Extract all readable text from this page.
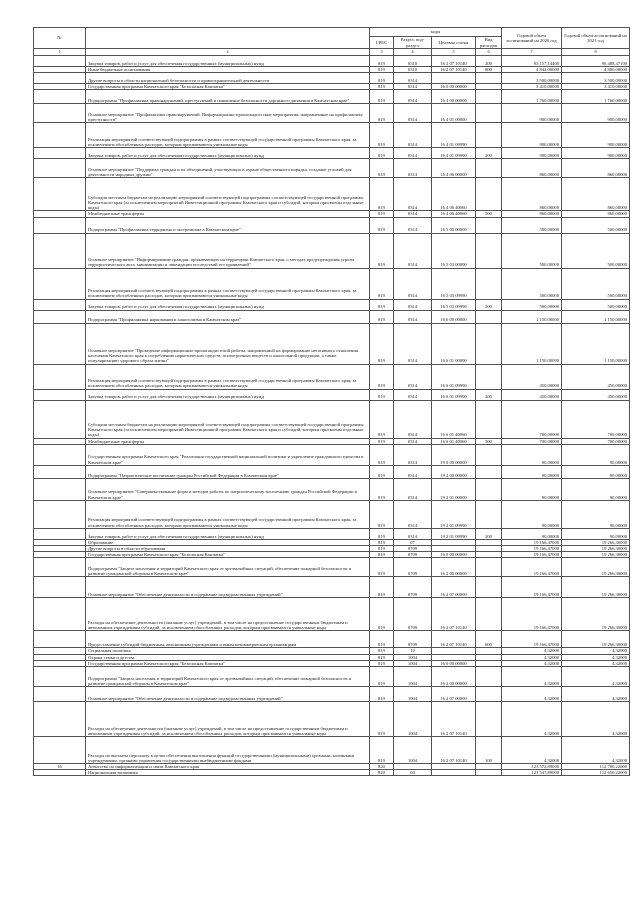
№		коды				Годовой объем ассигнований на 2020 год	Годовой объем ассигнований на 2021 год
		ГРБС	Раздел, под-раздел	Целевая статья	Вид расходов		
1	2	3	4	5	6	7	8
	Закупка товаров, работ и услуг для обеспечения государственных (муниципальных) нужд	819	0310	16 2 07 10140	200	93 157,14400	96 488,37100
	Иные бюджетные ассигнования	819	0310	16 2 07 10140	800	4 842,00000	4 800,00000
	Другие вопросы в области национальной безопасности и правоохранительной деятельности	819	0314			3 500,00000	3 500,00000
	Государственная программа Камчатского края "Безопасная Камчатка"	819	0314	16 0 00 00000		3 410,00000	3 410,00000
	Подпрограмма "Профилактика правонарушений, преступлений и повышение безопасности дорожного движения в Камчатском крае"	819	0314	16 4 00 00000		1 760,00000	1 760,00000
	Основное мероприятие "Профилактика правонарушений. Информационно-пропагандистские мероприятия, направленные на профилактику преступности"	819	0314	16 4 01 00000		900,00000	900,00000
	Реализация мероприятий соответствующей подпрограммы в рамках соответствующей государственной программы Камчатского края, за исключением обособленных расходов, которым присваиваются уникальные коды	819	0314	16 4 01 09990		900,00000	900,00000
	Закупка товаров, работ и услуг для обеспечения государственных (муниципальных) нужд	819	0314	16 4 01 09990	200	900,00000	900,00000
	Основное мероприятие "Поддержка граждан и их объединений, участвующих в охране общественного порядка, создание условий для деятельности народных дружин"	819	0314	16 4 06 00000		860,00000	860,00000
	Субсидии местным бюджетам на реализацию мероприятий соответствующей подпрограммы соответствующей государственной программы Камчатского края (за исключением мероприятий Инвестиционной программы Камчатского края и субсидий, которым присвоены отдельные коды)	819	0314	16 4 06 40060		860,00000	860,00000
	Межбюджетные трансферты	819	0314	16 4 06 40060	500	860,00000	860,00000
	Подпрограмма "Профилактика терроризма и экстремизма в Камчатском крае"	819	0314	16 5 00 00000		500,00000	500,00000
	Основное мероприятие "Информирование граждан, проживающих на территории Камчатского края, о методах предупреждения угрозы террористического акта, минимизации и ликвидации последствий его проявлений"	819	0314	16 5 03 00000		500,00000	500,00000
	Реализация мероприятий соответствующей подпрограммы в рамках соответствующей государственной программы Камчатского края, за исключением обособленных расходов, которым присваиваются уникальные коды	819	0314	16 5 03 09990		500,00000	500,00000
	Закупка товаров, работ и услуг для обеспечения государственных (муниципальных) нужд	819	0314	16 5 03 09990	200	500,00000	500,00000
	Подпрограмма "Профилактика наркомании и алкоголизма в Камчатском крае"	819	0314	16 6 00 00000		1 150,00000	1 150,00000
	Основное мероприятие "Проведение информационно-пропагандистской работы, направленной на формирование негативного отношения населения Камчатского края к потреблению наркотических средств, психотропных веществ и алкогольной продукции, а также популяризацию здорового образа жизни"	819	0314	16 6 01 00000		1 150,00000	1 150,00000
	Реализация мероприятий соответствующей подпрограммы в рамках соответствующей государственной программы Камчатского края, за исключением обособленных расходов, которым присваиваются уникальные коды	819	0314	16 6 01 09990		450,00000	450,00000
	Закупка товаров, работ и услуг для обеспечения государственных (муниципальных) нужд	819	0314	16 6 01 09990	200	450,00000	450,00000
	Субсидии местным бюджетам на реализацию мероприятий соответствующей подпрограммы соответствующей государственной программы Камчатского края (за исключением мероприятий Инвестиционной программы Камчатского края и субсидий, которым присвоены отдельные коды)	819	0314	16 6 01 40060		700,00000	700,00000
	Межбюджетные трансферты	819	0314	16 6 01 40060	500	700,00000	700,00000
	Государственная программа Камчатского края "Реализация государственной национальной политики и укрепление гражданского единства в Камчатском крае"	819	0314	19 0 00 00000		90,00000	90,00000
	Подпрограмма "Патриотическое воспитание граждан Российской Федерации в Камчатском крае"	819	0314	19 2 00 00000		90,00000	90,00000
	Основное мероприятие "Совершенствование форм и методов работы по патриотическому воспитанию граждан Российской Федерации в Камчатском крае"	819	0314	19 2 01 00000		90,00000	90,00000
	Реализация мероприятий соответствующей подпрограммы в рамках соответствующей государственной программы Камчатского края, за исключением обособленных расходов, которым присваиваются уникальные коды	819	0314	19 2 01 09990		90,00000	90,00000
	Закупка товаров, работ и услуг для обеспечения государственных (муниципальных) нужд	819	0314	19 2 01 09990	200	90,00000	90,00000
	Образование	819	07			19 166,47000	19 266,30000
	Другие вопросы в области образования	819	0709			19 166,47000	19 266,30000
	Государственная программа Камчатского края "Безопасная Камчатка"	819	0709	16 0 00 00000		19 166,47000	19 266,30000
	Подпрограмма "Защита населения и территорий Камчатского края от чрезвычайных ситуаций, обеспечение пожарной безопасности и развитие гражданской обороны в Камчатском крае"	819	0709	16 2 00 00000		19 166,47000	19 266,30000
	Основное мероприятие "Обеспечение деятельности и содержание подведомственных учреждений"	819	0709	16 2 07 00000		19 166,47000	19 266,30000
	Расходы на обеспечение деятельности (оказание услуг) учреждений, в том числе на предоставление государственным бюджетным и автономным учреждениям субсидий, за исключением обособленных расходов, которым присваиваются уникальные коды	819	0709	16 2 07 10140		19 166,47000	19 266,30000
	Предоставление субсидий бюджетным, автономным учреждениям и иным некоммерческим организациям	819	0709	16 2 07 10140	600	19 166,47000	19 266,30000
	Социальная политика	819	10			4,32000	4,32000
	Охрана семьи и детства	819	1004			4,32000	4,32000
	Государственная программа Камчатского края "Безопасная Камчатка"	819	1004	16 0 00 00000		4,32000	4,32000
	Подпрограмма "Защита населения и территорий Камчатского края от чрезвычайных ситуаций, обеспечение пожарной безопасности и развитие гражданской обороны в Камчатском крае"	819	1004	16 2 00 00000		4,32000	4,32000
	Основное мероприятие "Обеспечение деятельности и содержание подведомственных учреждений"	819	1004	16 2 07 00000		4,32000	4,32000
	Расходы на обеспечение деятельности (оказание услуг) учреждений, в том числе на предоставление государственным бюджетным и автономным учреждениям субсидий, за исключением обособленных расходов, которым присваиваются уникальные коды	819	1004	16 2 07 10140		4,32000	4,32000
	Расходы на выплаты персоналу в целях обеспечения выполнения функций государственными (муниципальными) органами, казенными учреждениями, органами управления государственными внебюджетными фондами	819	1004	16 2 07 10140	100	4,32000	4,32000
16	Агентство по информатизации и связи Камчатского края	820				123 572,89000	112 780,22000
	Национальная экономика	820	04			123 547,89000	112 650,22000
